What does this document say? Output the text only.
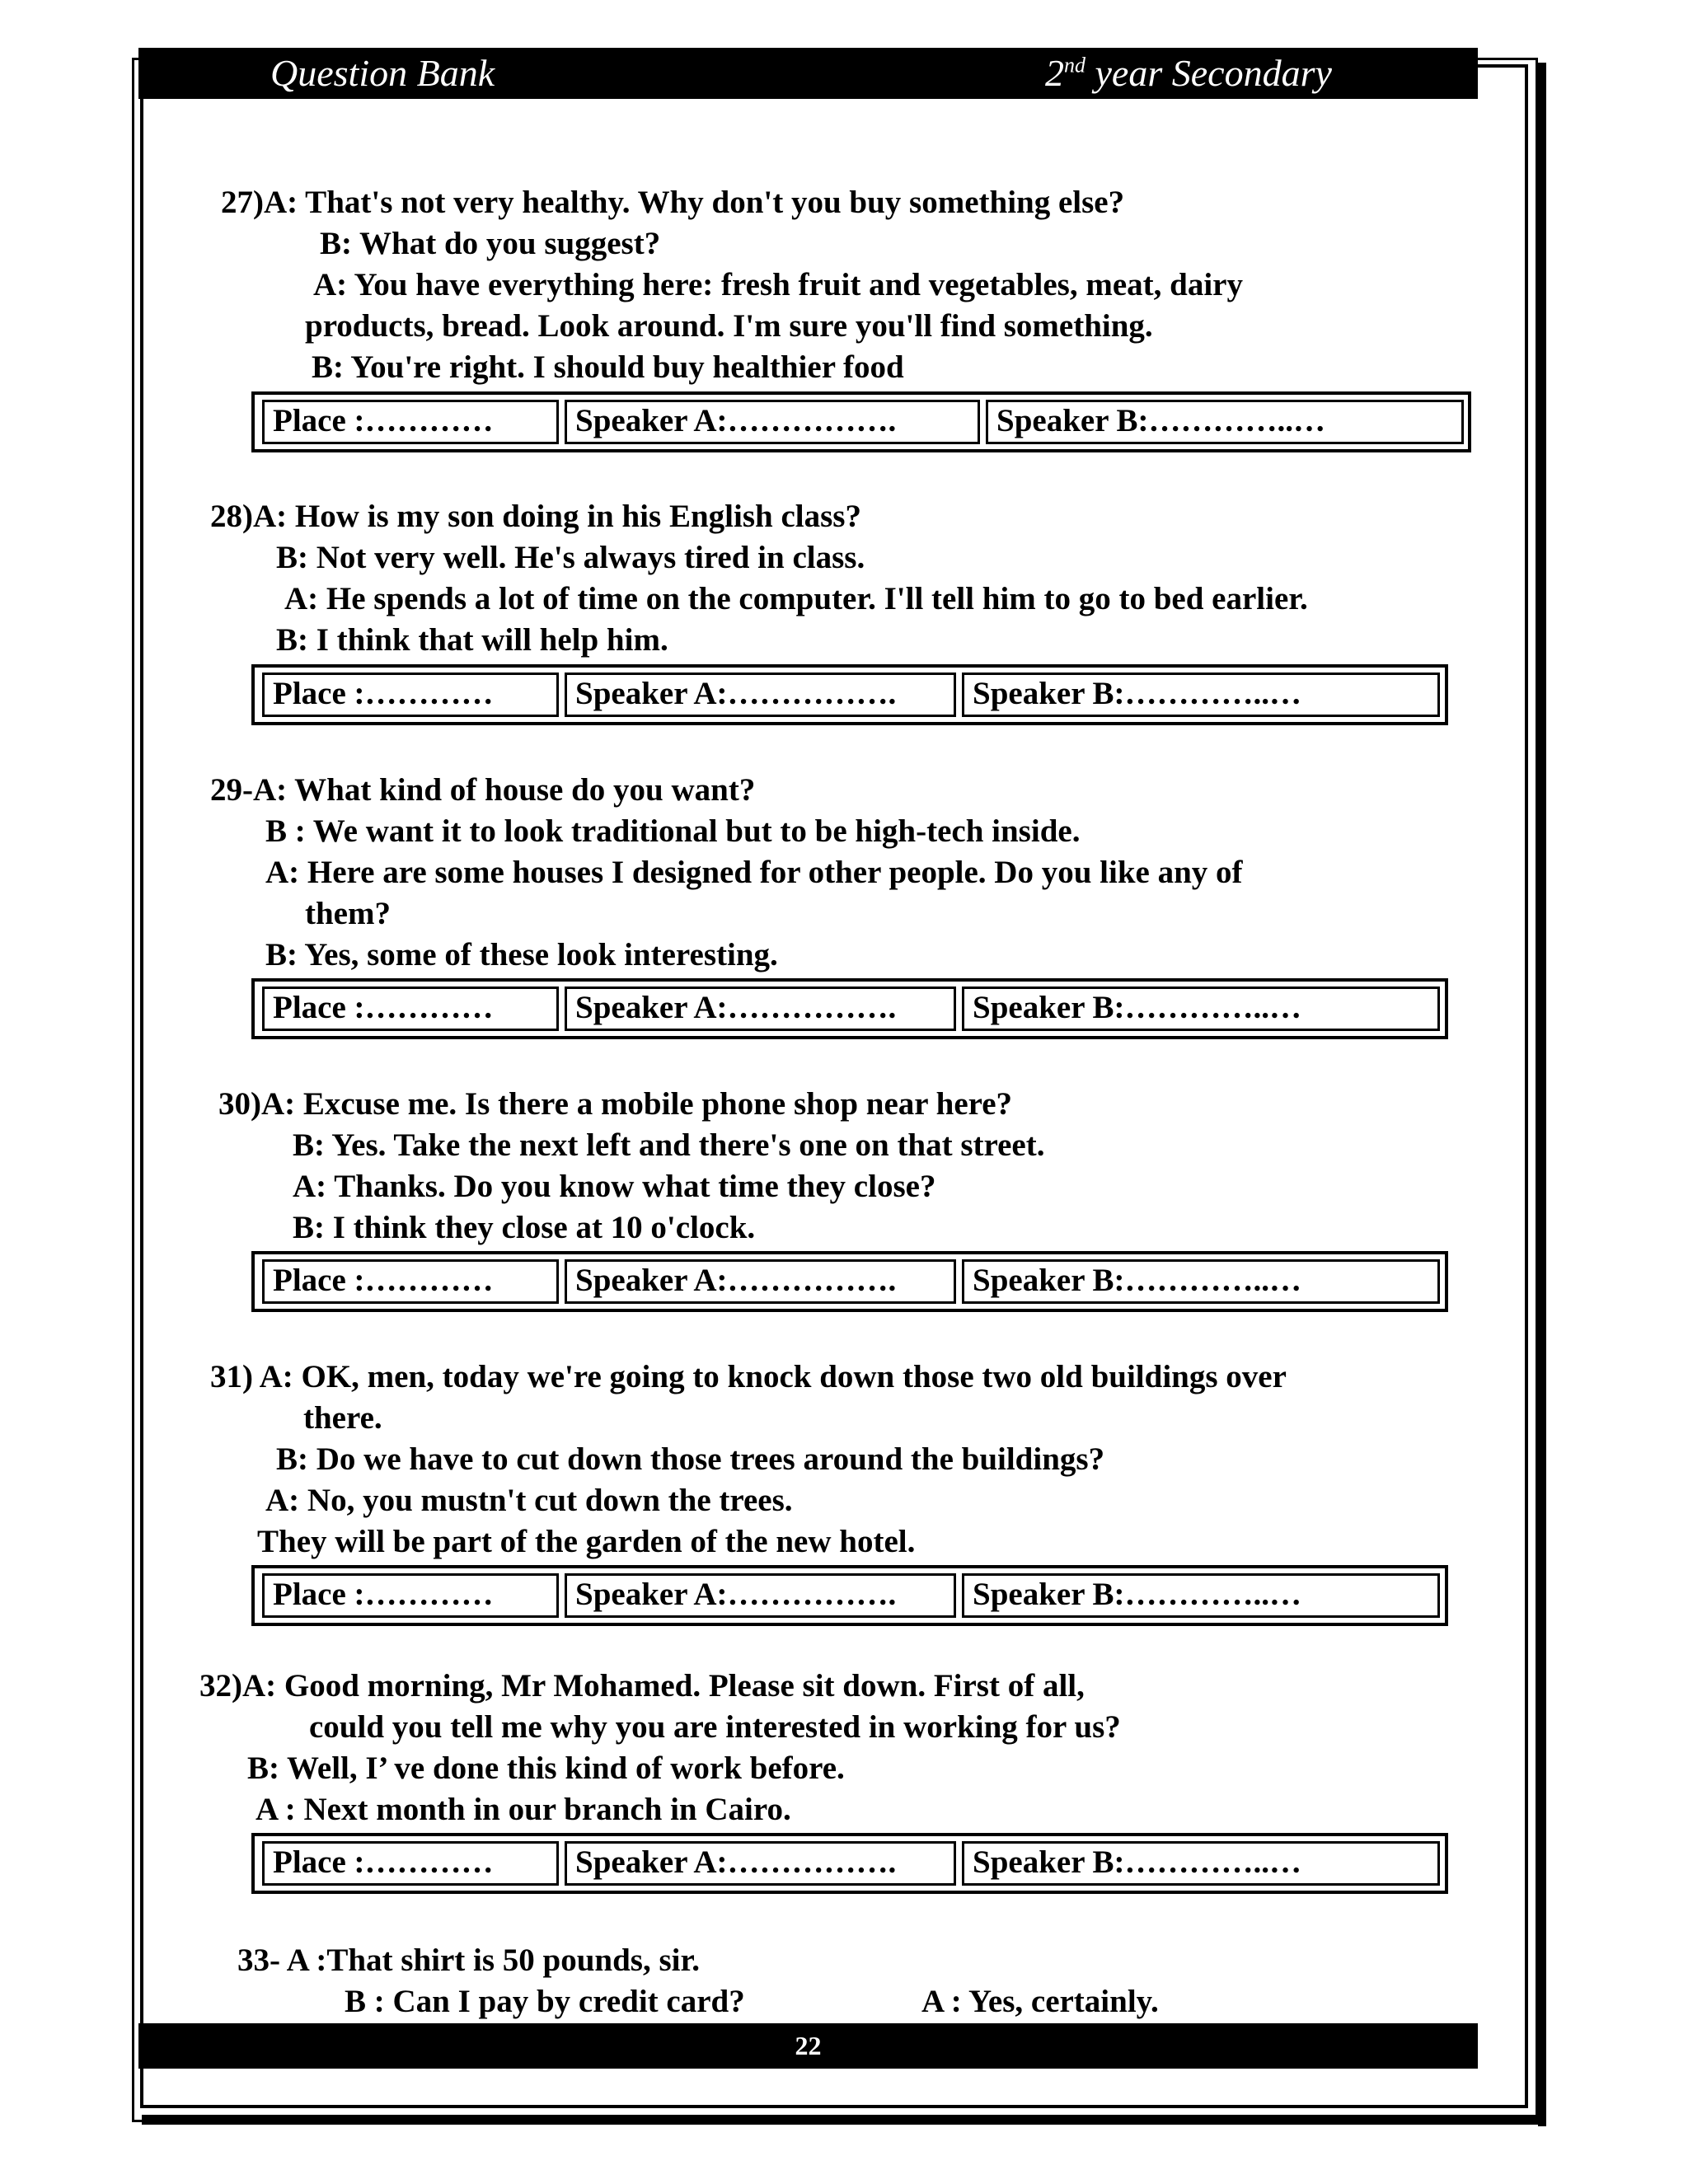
Question Bank	2nd year Secondary
27)A: That's not very healthy. Why don't you buy something else?
B: What do you suggest?
A: You have everything here: fresh fruit and vegetables, meat, dairy
products, bread. Look around. I'm sure you'll find something.
B: You're right. I should buy healthier food
Place :…………	Speaker A:…………….	Speaker B:…………..…
28)A: How is my son doing in his English class?
B: Not very well. He's always tired in class.
A: He spends a lot of time on the computer. I'll tell him to go to bed earlier.
B: I think that will help him.
Place :…………	Speaker A:…………….	Speaker B:…………..…
29-A: What kind of house do you want?
B : We want it to look traditional but to be high-tech inside.
A: Here are some houses I designed for other people. Do you like any of
them?
B: Yes, some of these look interesting.
Place :…………	Speaker A:…………….	Speaker B:…………..…
30)A: Excuse me. Is there a mobile phone shop near here?
B: Yes. Take the next left and there's one on that street.
A: Thanks. Do you know what time they close?
B: I think they close at 10 o'clock.
Place :…………	Speaker A:…………….	Speaker B:…………..…
31) A: OK, men, today we're going to knock down those two old buildings over
there.
B: Do we have to cut down those trees around the buildings?
A: No, you mustn't cut down the trees.
They will be part of the garden of the new hotel.
Place :…………	Speaker A:…………….	Speaker B:…………..…
32)A: Good morning, Mr Mohamed. Please sit down. First of all,
could you tell me why you are interested in working for us?
B: Well, I’ ve done this kind of work before.
A : Next month in our branch in Cairo.
Place :…………	Speaker A:…………….	Speaker B:…………..…
33- A :That shirt is 50 pounds, sir.
B : Can I pay by credit card?	A : Yes, certainly.
22
